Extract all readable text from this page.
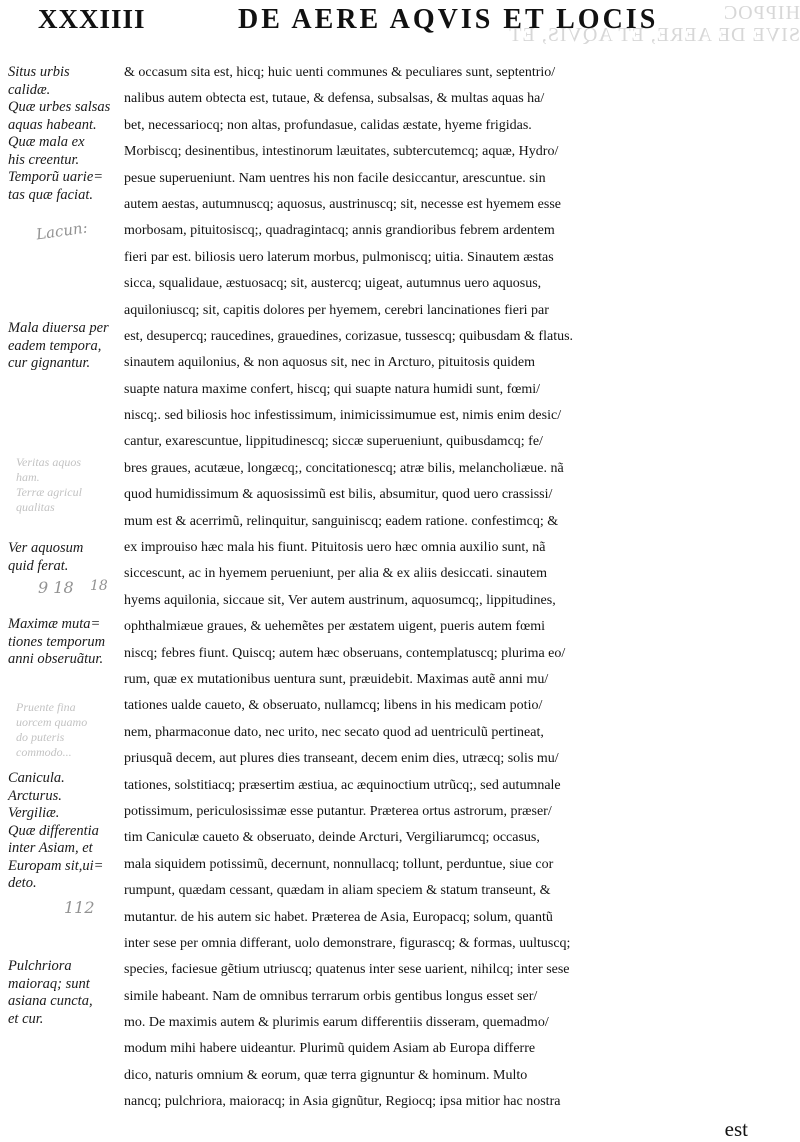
HIPPOC
SIVE DE AERE, ET AQVIS, ET
XXXIIII	DE AERE AQVIS ET LOCIS
Situs urbis
calidæ.
Quæ urbes salsas
aquas habeant.
Quæ mala ex
his creentur.
Temporũ uarie=
tas quæ faciat.
Lacun:
Mala diuersa per
eadem tempora,
cur gignantur.
Veritas aquos
ham.
Terræ agricul
qualitas
Ver aquosum
quid ferat.
9 18 18
Maximæ muta=
tiones temporum
anni obseruãtur.
Pruente fina
uorcem quamo
do puteris
commodo...
Canicula.
Arcturus.
Vergiliæ.
Quæ differentia
inter Asiam, et
Europam sit,ui=
deto.
112
Pulchriora
maioraq; sunt
asiana cuncta,
et cur.
& occasum sita est, hicq; huic uenti communes & peculiares sunt, septentrio/
nalibus autem obtecta est, tutaue, & defensa, subsalsas, & multas aquas ha/
bet, necessariocq; non altas, profundasue, calidas æstate, hyeme frigidas.
Morbiscq; desinentibus, intestinorum læuitates, subtercutemcq; aquæ, Hydro/
pesue superueniunt. Nam uentres his non facile desiccantur, arescuntue. sin
autem aestas, autumnuscq; aquosus, austrinuscq; sit, necesse est hyemem esse
morbosam, pituitosiscq;, quadragintacq; annis grandioribus febrem ardentem
fieri par est. biliosis uero laterum morbus, pulmoniscq; uitia. Sinautem æstas
sicca, squalidaue, æstuosacq; sit, austercq; uigeat, autumnus uero aquosus,
aquiloniuscq; sit, capitis dolores per hyemem, cerebri lancinationes fieri par
est, desupercq; raucedines, grauedines, corizasue, tussescq; quibusdam & flatus.
sinautem aquilonius, & non aquosus sit, nec in Arcturo, pituitosis quidem
suapte natura maxime confert, hiscq; qui suapte natura humidi sunt, fœmi/
niscq;. sed biliosis hoc infestissimum, inimicissimumue est, nimis enim desic/
cantur, exarescuntue, lippitudinescq; siccæ superueniunt, quibusdamcq; fe/
bres graues, acutæue, longæcq;, concitationescq; atræ bilis, melancholiæue. nã
quod humidissimum & aquosissimũ est bilis, absumitur, quod uero crassissi/
mum est & acerrimũ, relinquitur, sanguiniscq; eadem ratione. confestimcq; &
ex improuiso hæc mala his fiunt. Pituitosis uero hæc omnia auxilio sunt, nã
siccescunt, ac in hyemem perueniunt, per alia & ex aliis desiccati. sinautem
hyems aquilonia, siccaue sit, Ver autem austrinum, aquosumcq;, lippitudines,
ophthalmiæue graues, & uehemẽtes per æstatem uigent, pueris autem fœmi
niscq; febres fiunt. Quiscq; autem hæc obseruans, contemplatuscq; plurima eo/
rum, quæ ex mutationibus uentura sunt, præuidebit. Maximas autẽ anni mu/
tationes ualde caueto, & obseruato, nullamcq; libens in his medicam potio/
nem, pharmaconue dato, nec urito, nec secato quod ad uentriculũ pertineat,
priusquã decem, aut plures dies transeant, decem enim dies, utræcq; solis mu/
tationes, solstitiacq; præsertim æstiua, ac æquinoctium utrũcq;, sed autumnale
potissimum, periculosissimæ esse putantur. Præterea ortus astrorum, præser/
tim Caniculæ caueto & obseruato, deinde Arcturi, Vergiliarumcq; occasus,
mala siquidem potissimũ, decernunt, nonnullacq; tollunt, perduntue, siue cor
rumpunt, quædam cessant, quædam in aliam speciem & statum transeunt, &
mutantur. de his autem sic habet. Præterea de Asia, Europacq; solum, quantũ
inter sese per omnia differant, uolo demonstrare, figurascq; & formas, uultuscq;
species, faciesue gẽtium utriuscq; quatenus inter sese uarient, nihilcq; inter sese
simile habeant. Nam de omnibus terrarum orbis gentibus longus esset ser/
mo. De maximis autem & plurimis earum differentiis disseram, quemadmo/
modum mihi habere uideantur. Plurimũ quidem Asiam ab Europa differre
dico, naturis omnium & eorum, quæ terra gignuntur & hominum. Multo
nancq; pulchriora, maioracq; in Asia gignũtur, Regiocq; ipsa mitior hac nostra
est
